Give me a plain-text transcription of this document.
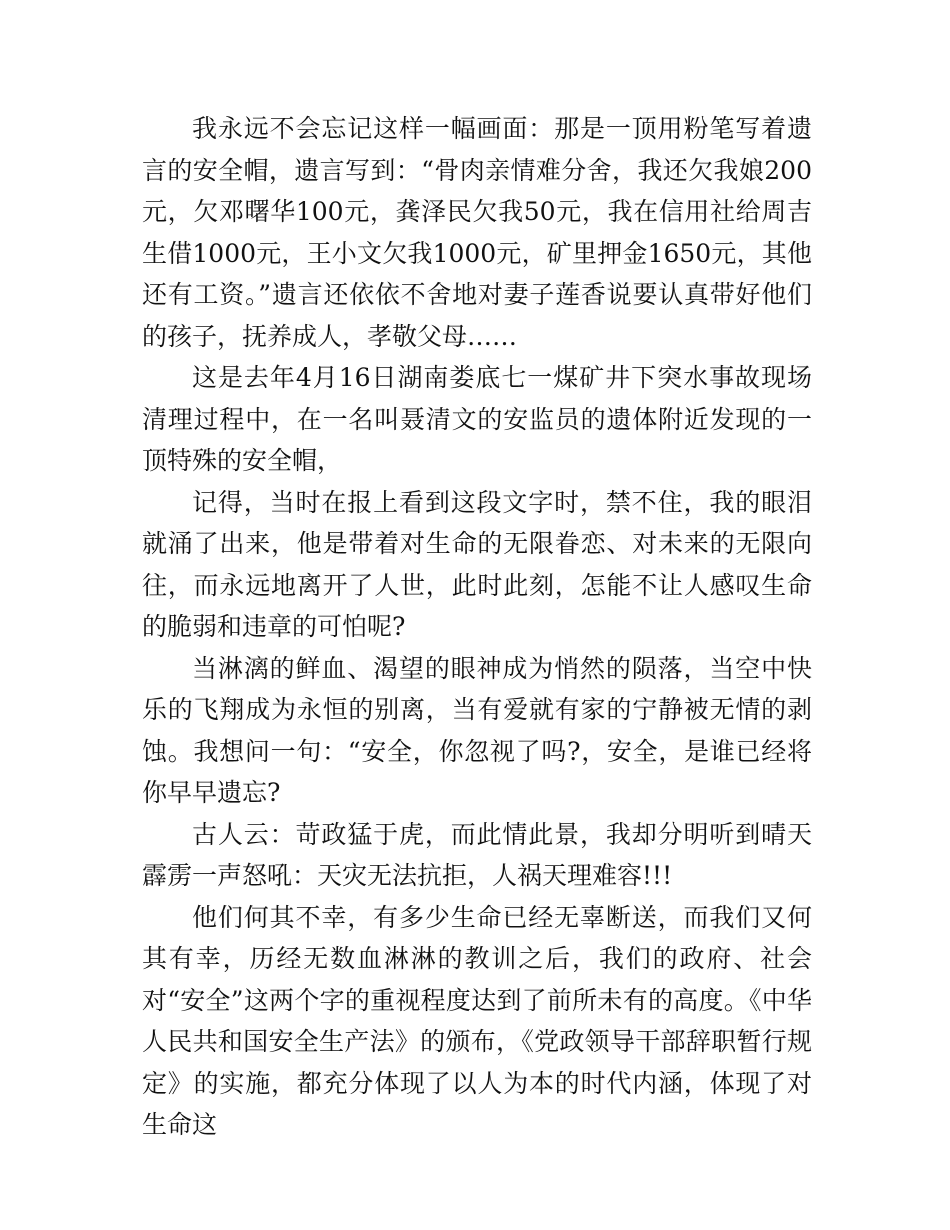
我永远不会忘记这样一幅画面：那是一顶用粉笔写着遗言的安全帽，遗言写到：“骨肉亲情难分舍，我还欠我娘200元，欠邓曙华100元，龚泽民欠我50元，我在信用社给周吉生借1000元，王小文欠我1000元，矿里押金1650元，其他还有工资。”遗言还依依不舍地对妻子莲香说要认真带好他们的孩子，抚养成人，孝敬父母……

这是去年4月16日湖南娄底七一煤矿井下突水事故现场清理过程中，在一名叫聂清文的安监员的遗体附近发现的一顶特殊的安全帽，

记得，当时在报上看到这段文字时，禁不住，我的眼泪就涌了出来，他是带着对生命的无限眷恋、对未来的无限向往，而永远地离开了人世，此时此刻，怎能不让人感叹生命的脆弱和违章的可怕呢?

当淋漓的鲜血、渴望的眼神成为悄然的陨落，当空中快乐的飞翔成为永恒的别离，当有爱就有家的宁静被无情的剥蚀。我想问一句：“安全，你忽视了吗?，安全，是谁已经将你早早遗忘?

古人云：苛政猛于虎，而此情此景，我却分明听到晴天霹雳一声怒吼：天灾无法抗拒，人祸天理难容!!!

他们何其不幸，有多少生命已经无辜断送，而我们又何其有幸，历经无数血淋淋的教训之后，我们的政府、社会对“安全”这两个字的重视程度达到了前所未有的高度。《中华人民共和国安全生产法》的颁布，《党政领导干部辞职暂行规定》的实施，都充分体现了以人为本的时代内涵，体现了对生命这
